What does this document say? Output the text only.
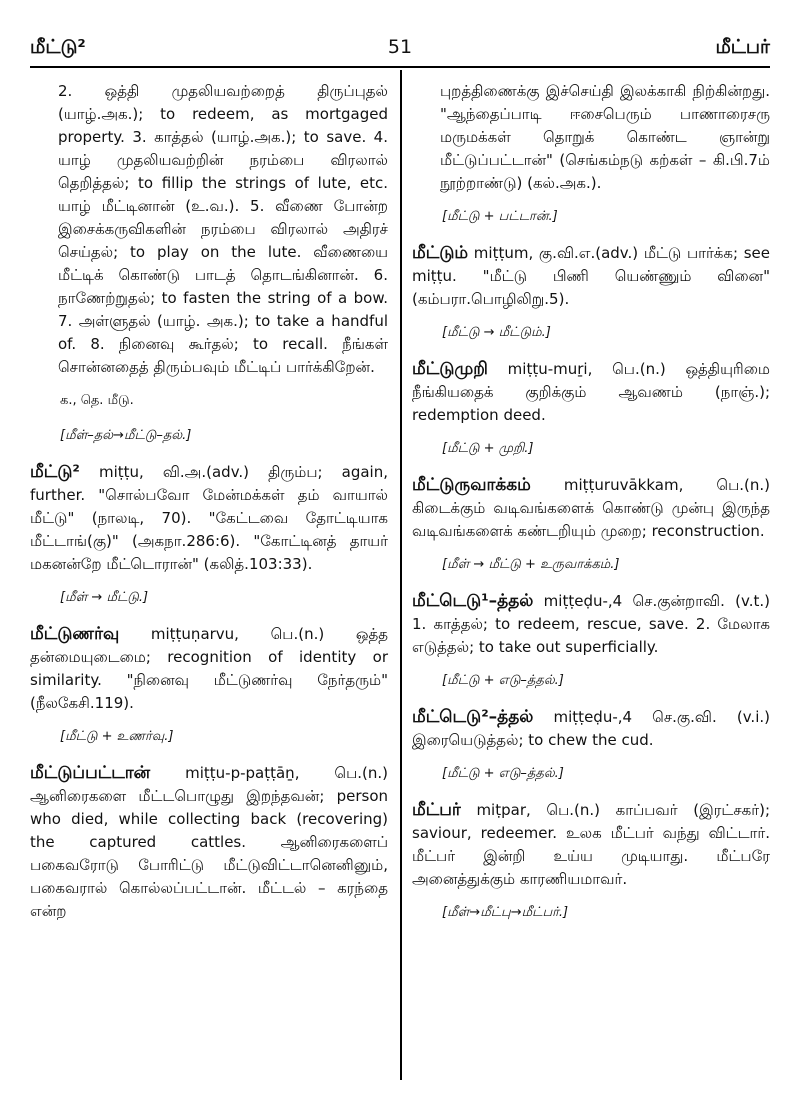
மீட்டு²	51	மீட்பர்

2. ஒத்தி முதலியவற்றைத் திருப்புதல் (யாழ்.அக.); to redeem, as mortgaged property. 3. காத்தல் (யாழ்.அக.); to save. 4. யாழ் முதலியவற்றின் நரம்பை விரலால் தெறித்தல்; to fillip the strings of lute, etc. யாழ் மீட்டினான் (உ.வ.). 5. வீணை போன்ற இசைக்கருவிகளின் நரம்பை விரலால் அதிரச் செய்தல்; to play on the lute. வீணையை மீட்டிக் கொண்டு பாடத் தொடங்கினான். 6. நாணேற்றுதல்; to fasten the string of a bow. 7. அள்ளுதல் (யாழ். அக.); to take a handful of. 8. நினைவு கூர்தல்; to recall. நீங்கள் சொன்னதைத் திரும்பவும் மீட்டிப் பார்க்கிறேன்.

க., தெ. மீடு.

[மீள்–தல்→மீட்டு–தல்.]

மீட்டு² miṭṭu, வி.அ.(adv.) திரும்ப; again, further. "சொல்பவோ மேன்மக்கள் தம் வாயால் மீட்டு" (நாலடி, 70). "கேட்டவை தோட்டியாக மீட்டாங்(கு)" (அகநா.286:6). "கோட்டினத் தாயர் மகனன்றே மீட்டொரான்" (கலித்.103:33).

[மீள் → மீட்டு.]

மீட்டுணர்வு miṭṭuṇarvu, பெ.(n.) ஒத்த தன்மையுடைமை; recognition of identity or similarity. "நினைவு மீட்டுணர்வு நேர்தரும்" (நீலகேசி.119).

[மீட்டு + உணர்வு.]

மீட்டுப்பட்டான் miṭṭu-p-paṭṭāṉ, பெ.(n.) ஆனிரைகளை மீட்டபொழுது இறந்தவன்; person who died, while collecting back (recovering) the captured cattles. ஆனிரைகளைப் பகைவரோடு போரிட்டு மீட்டுவிட்டானெனினும், பகைவரால் கொல்லப்பட்டான். மீட்டல் – கரந்தை என்ற

புறத்திணைக்கு இச்செய்தி இலக்காகி நிற்கின்றது. "ஆந்தைப்பாடி ஈசைபெரும் பாணாரைசரு மருமக்கள் தொறுக் கொண்ட ஞான்று மீட்டுப்பட்டான்" (செங்கம்நடு கற்கள் – கி.பி.7ம் நூற்றாண்டு) (கல்.அக.).

[மீட்டு + பட்டான்.]

மீட்டும் miṭṭum, கு.வி.எ.(adv.) மீட்டு பார்க்க; see miṭṭu. "மீட்டு பிணி யெண்ணும் வினை" (கம்பரா.பொழிலிறு.5).

[மீட்டு → மீட்டும்.]

மீட்டுமுறி miṭṭu-muṟi, பெ.(n.) ஒத்தியுரிமை நீங்கியதைக் குறிக்கும் ஆவணம் (நாஞ்.); redemption deed.

[மீட்டு + முறி.]

மீட்டுருவாக்கம் miṭṭuruvākkam, பெ.(n.) கிடைக்கும் வடிவங்களைக் கொண்டு முன்பு இருந்த வடிவங்களைக் கண்டறியும் முறை; reconstruction.

[மீள் → மீட்டு + உருவாக்கம்.]

மீட்டெடு¹–த்தல் miṭṭeḍu-,4 செ.குன்றாவி. (v.t.) 1. காத்தல்; to redeem, rescue, save. 2. மேலாக எடுத்தல்; to take out superficially.

[மீட்டு + எடு–த்தல்.]

மீட்டெடு²–த்தல் miṭṭeḍu-,4 செ.கு.வி. (v.i.) இரையெடுத்தல்; to chew the cud.

[மீட்டு + எடு–த்தல்.]

மீட்பர் miṭpar, பெ.(n.) காப்பவர் (இரட்சகர்); saviour, redeemer. உலக மீட்பர் வந்து விட்டார். மீட்பர் இன்றி உய்ய முடியாது. மீட்பரே அனைத்துக்கும் காரணியமாவர்.

[மீள்→மீட்பு→மீட்பர்.]
